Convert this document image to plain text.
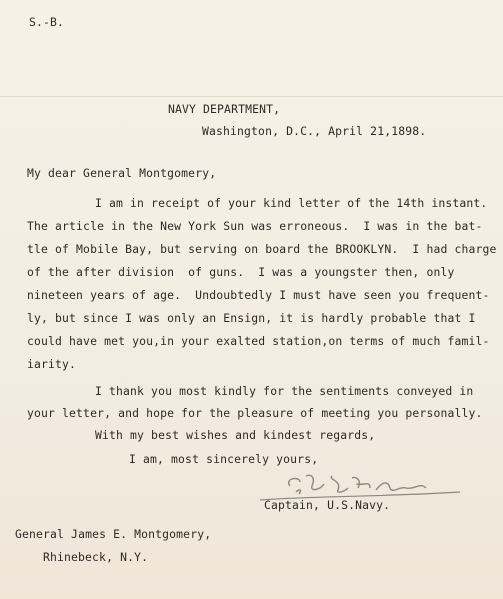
S.-B.
NAVY DEPARTMENT,
Washington, D.C., April 21,1898.
My dear General Montgomery,
I am in receipt of your kind letter of the 14th instant.
The article in the New York Sun was erroneous.  I was in the bat-
tle of Mobile Bay, but serving on board the BROOKLYN.  I had charge
of the after division  of guns.  I was a youngster then, only
nineteen years of age.  Undoubtedly I must have seen you frequent-
ly, but since I was only an Ensign, it is hardly probable that I
could have met you,in your exalted station,on terms of much famil-
iarity.
I thank you most kindly for the sentiments conveyed in
your letter, and hope for the pleasure of meeting you personally.
With my best wishes and kindest regards,
I am, most sincerely yours,
Captain, U.S.Navy.
General James E. Montgomery,
Rhinebeck, N.Y.
